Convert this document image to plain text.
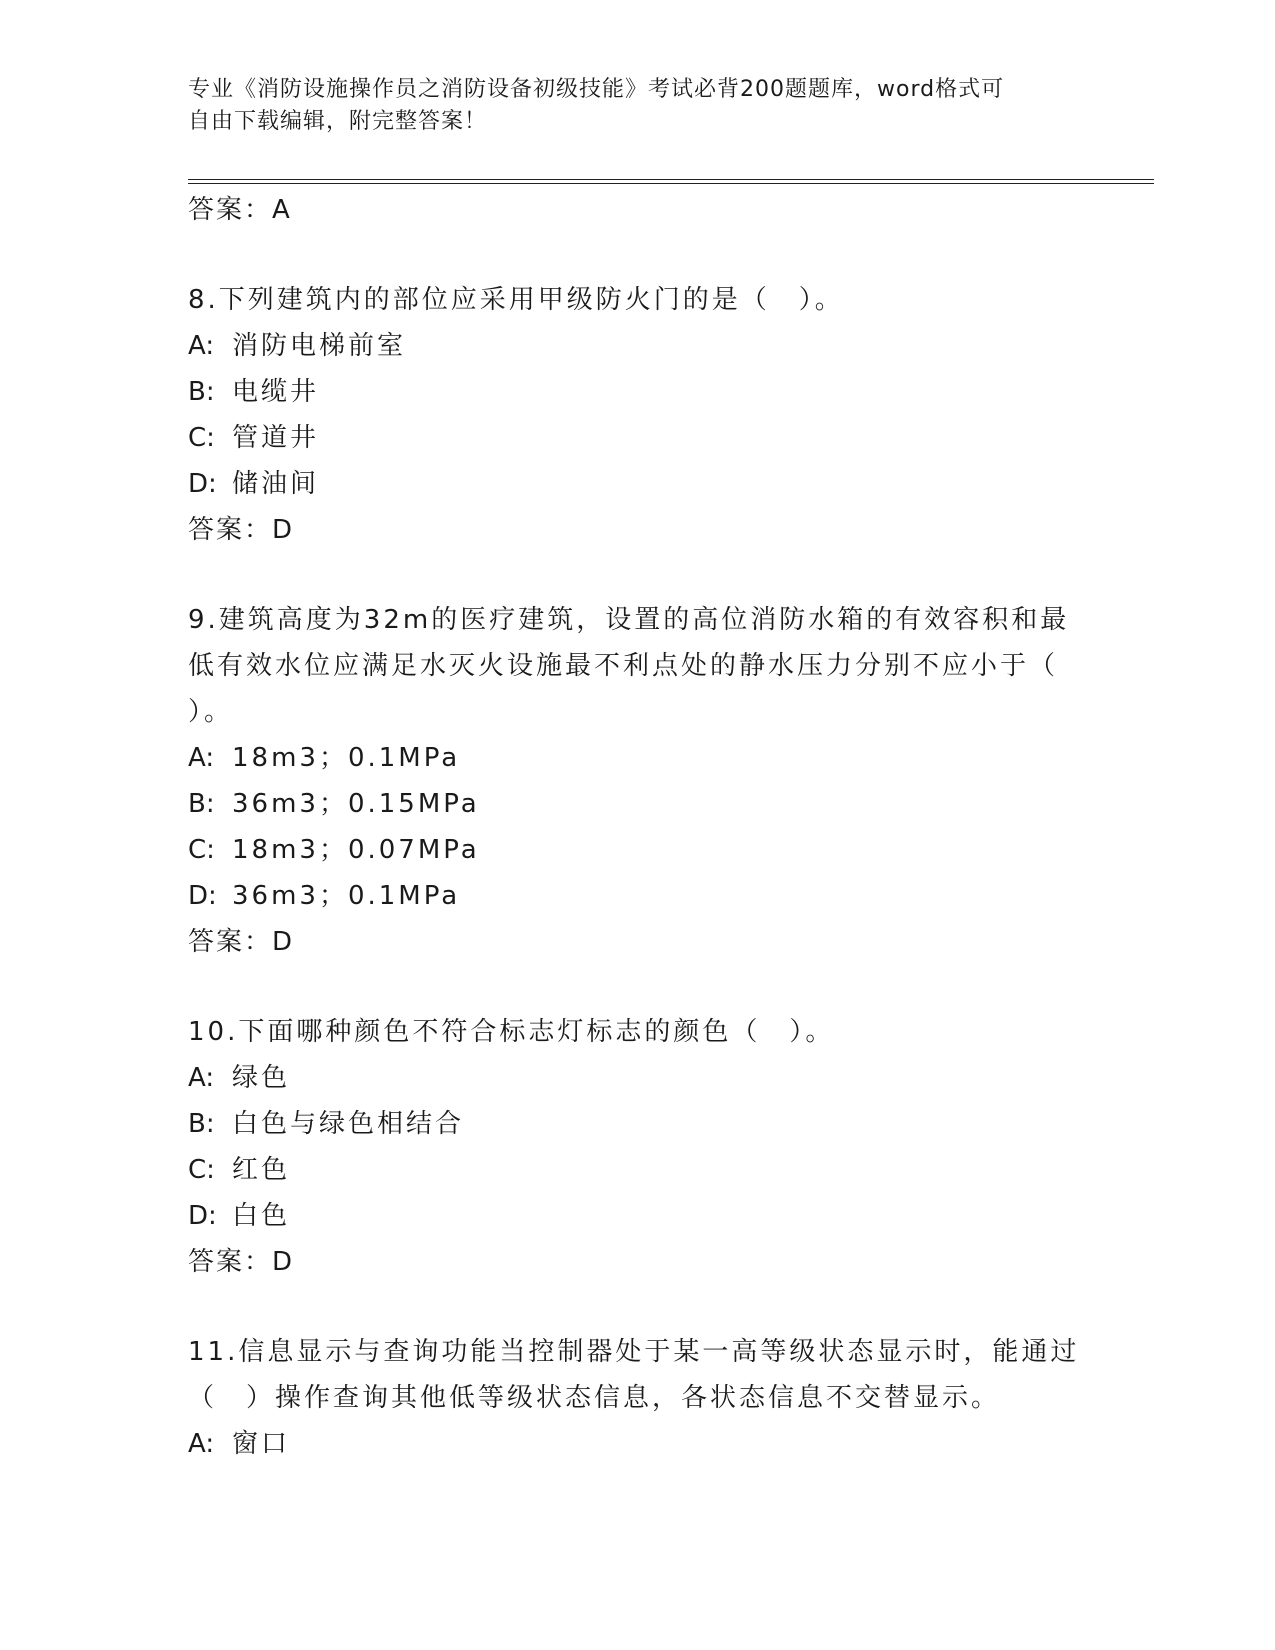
专业《消防设施操作员之消防设备初级技能》考试必背200题题库，word格式可
自由下载编辑，附完整答案！
答案：A
8.下列建筑内的部位应采用甲级防火门的是（　）。
A: 消防电梯前室
B: 电缆井
C: 管道井
D: 储油间
答案：D
9.建筑高度为32m的医疗建筑，设置的高位消防水箱的有效容积和最
低有效水位应满足水灭火设施最不利点处的静水压力分别不应小于（
）。
A: 18m3；0.1MPa
B: 36m3；0.15MPa
C: 18m3；0.07MPa
D: 36m3；0.1MPa
答案：D
10.下面哪种颜色不符合标志灯标志的颜色（　）。
A: 绿色
B: 白色与绿色相结合
C: 红色
D: 白色
答案：D
11.信息显示与查询功能当控制器处于某一高等级状态显示时，能通过
（　）操作查询其他低等级状态信息，各状态信息不交替显示。
A: 窗口
